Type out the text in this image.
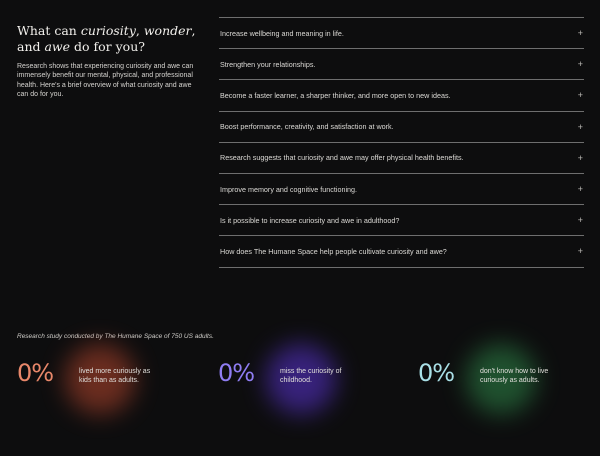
What can curiosity, wonder,
and awe do for you?

Research shows that experiencing curiosity and awe can immensely benefit our mental, physical, and professional health. Here's a brief overview of what curiosity and awe can do for you.

Increase wellbeing and meaning in life.	+
Strengthen your relationships.	+
Become a faster learner, a sharper thinker, and more open to new ideas.	+
Boost performance, creativity, and satisfaction at work.	+
Research suggests that curiosity and awe may offer physical health benefits.	+
Improve memory and cognitive functioning.	+
Is it possible to increase curiosity and awe in adulthood?	+
How does The Humane Space help people cultivate curiosity and awe?	+

Research study conducted by The Humane Space of 750 US adults.

0%	lived more curiously as kids than as adults.	0%	miss the curiosity of childhood.	0%	don't know how to live curiously as adults.
